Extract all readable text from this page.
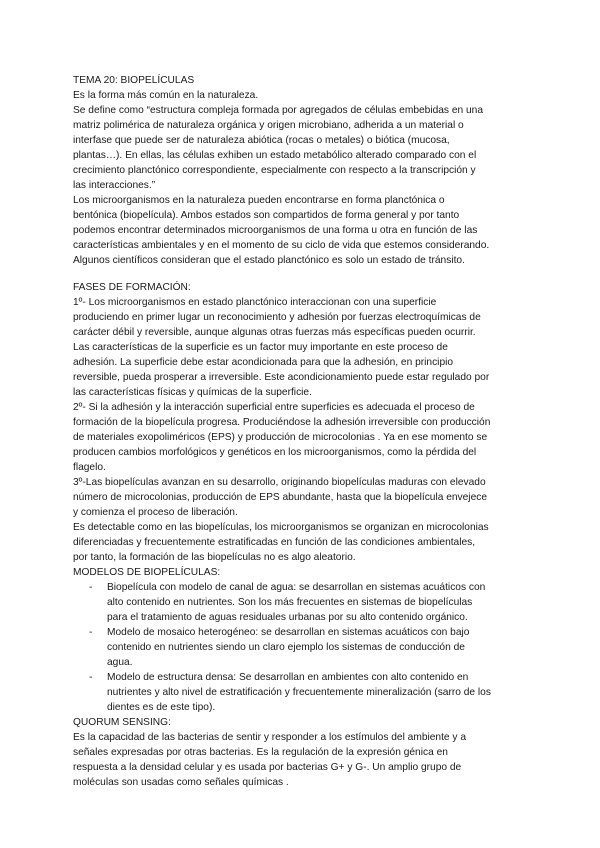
TEMA 20: BIOPELÍCULAS

Es la forma más común en la naturaleza.

Se define como “estructura compleja formada por agregados de células embebidas en una

matriz polimérica de naturaleza orgánica y origen microbiano, adherida a un material o

interfase que puede ser de naturaleza abiótica (rocas o metales) o biótica (mucosa,

plantas…). En ellas, las células exhiben un estado metabólico alterado comparado con el

crecimiento planctónico correspondiente, especialmente con respecto a la transcripción y

las interacciones.”

Los microorganismos en la naturaleza pueden encontrarse en forma planctónica o

bentónica (biopelícula). Ambos estados son compartidos de forma general y por tanto

podemos encontrar determinados microorganismos de una forma u otra en función de las

características ambientales y en el momento de su ciclo de vida que estemos considerando.

Algunos científicos consideran que el estado planctónico es solo un estado de tránsito.

FASES DE FORMACIÓN:

1º- Los microorganismos en estado planctónico interaccionan con una superficie

produciendo en primer lugar un reconocimiento y adhesión por fuerzas electroquímicas de

carácter débil y reversible, aunque algunas otras fuerzas más específicas pueden ocurrir.

Las características de la superficie es un factor muy importante en este proceso de

adhesión. La superficie debe estar acondicionada para que la adhesión, en principio

reversible, pueda prosperar a irreversible. Este acondicionamiento puede estar regulado por

las características físicas y químicas de la superficie.

2º- Si la adhesión y la interacción superficial entre superficies es adecuada el proceso de

formación de la biopelícula progresa. Produciéndose la adhesión irreversible con producción

de materiales exopoliméricos (EPS) y producción de microcolonias . Ya en ese momento se

producen cambios morfológicos y genéticos en los microorganismos, como la pérdida del

flagelo.

3º-Las biopelículas avanzan en su desarrollo, originando biopelículas maduras con elevado

número de microcolonias, producción de EPS abundante, hasta que la biopelícula envejece

y comienza el proceso de liberación.

Es detectable como en las biopelículas, los microorganismos se organizan en microcolonias

diferenciadas y frecuentemente estratificadas en función de las condiciones ambientales,

por tanto, la formación de las biopelículas no es algo aleatorio.

MODELOS DE BIOPELÍCULAS:

- Biopelícula con modelo de canal de agua: se desarrollan en sistemas acuáticos con

alto contenido en nutrientes. Son los más frecuentes en sistemas de biopelículas

para el tratamiento de aguas residuales urbanas por su alto contenido orgánico.

- Modelo de mosaico heterogéneo: se desarrollan en sistemas acuáticos con bajo

contenido en nutrientes siendo un claro ejemplo los sistemas de conducción de

agua.

- Modelo de estructura densa: Se desarrollan en ambientes con alto contenido en

nutrientes y alto nivel de estratificación y frecuentemente mineralización (sarro de los

dientes es de este tipo).

QUORUM SENSING:

Es la capacidad de las bacterias de sentir y responder a los estímulos del ambiente y a

señales expresadas por otras bacterias. Es la regulación de la expresión génica en

respuesta a la densidad celular y es usada por bacterias G+ y G-. Un amplio grupo de

moléculas son usadas como señales químicas .
